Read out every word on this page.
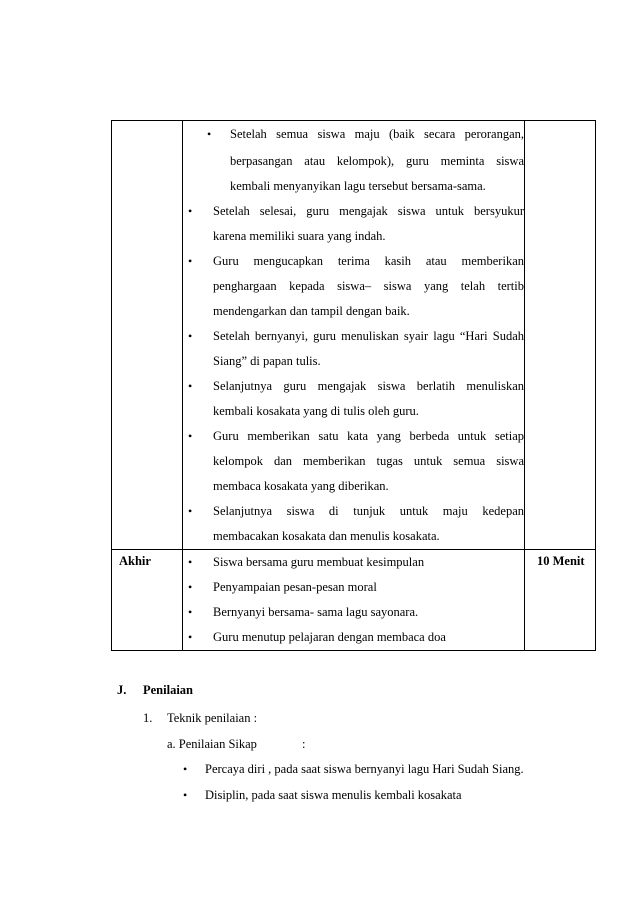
• Setelah semua siswa maju (baik secara perorangan,
berpasangan atau kelompok), guru meminta siswa
kembali menyanyikan lagu tersebut bersama-sama.
• Setelah selesai, guru mengajak siswa untuk bersyukur
karena memiliki suara yang indah.
• Guru mengucapkan terima kasih atau memberikan
penghargaan kepada siswa– siswa yang telah tertib
mendengarkan dan tampil dengan baik.
• Setelah bernyanyi, guru menuliskan syair lagu “Hari Sudah
Siang” di papan tulis.
• Selanjutnya guru mengajak siswa berlatih menuliskan
kembali kosakata yang di tulis oleh guru.
• Guru memberikan satu kata yang berbeda untuk setiap
kelompok dan memberikan tugas untuk semua siswa
membaca kosakata yang diberikan.
• Selanjutnya siswa di tunjuk untuk maju kedepan
membacakan kosakata dan menulis kosakata.
Akhir	10 Menit
• Siswa bersama guru membuat kesimpulan
• Penyampaian pesan-pesan moral
• Bernyanyi bersama- sama lagu sayonara.
• Guru menutup pelajaran dengan membaca doa
J. Penilaian
1. Teknik penilaian :
a. Penilaian Sikap	:
• Percaya diri , pada saat siswa bernyanyi lagu Hari Sudah Siang.
• Disiplin, pada saat siswa menulis kembali kosakata
